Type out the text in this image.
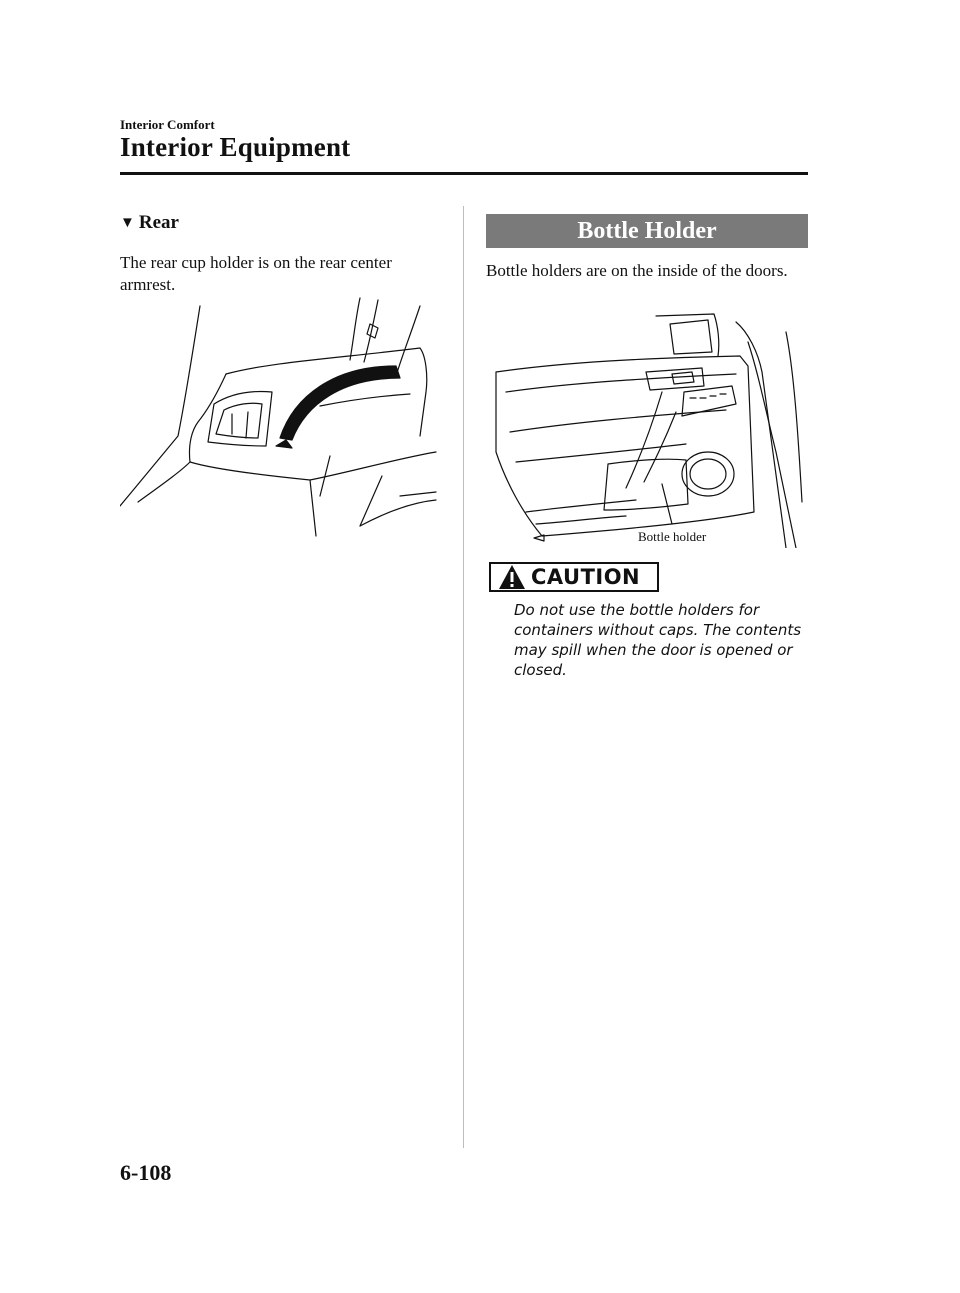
Interior Comfort
Interior Equipment
▼ Rear
The rear cup holder is on the rear center armrest.
Bottle Holder
Bottle holders are on the inside of the doors.
Bottle holder
CAUTION
Do not use the bottle holders for containers without caps. The contents may spill when the door is opened or closed.
6-108
